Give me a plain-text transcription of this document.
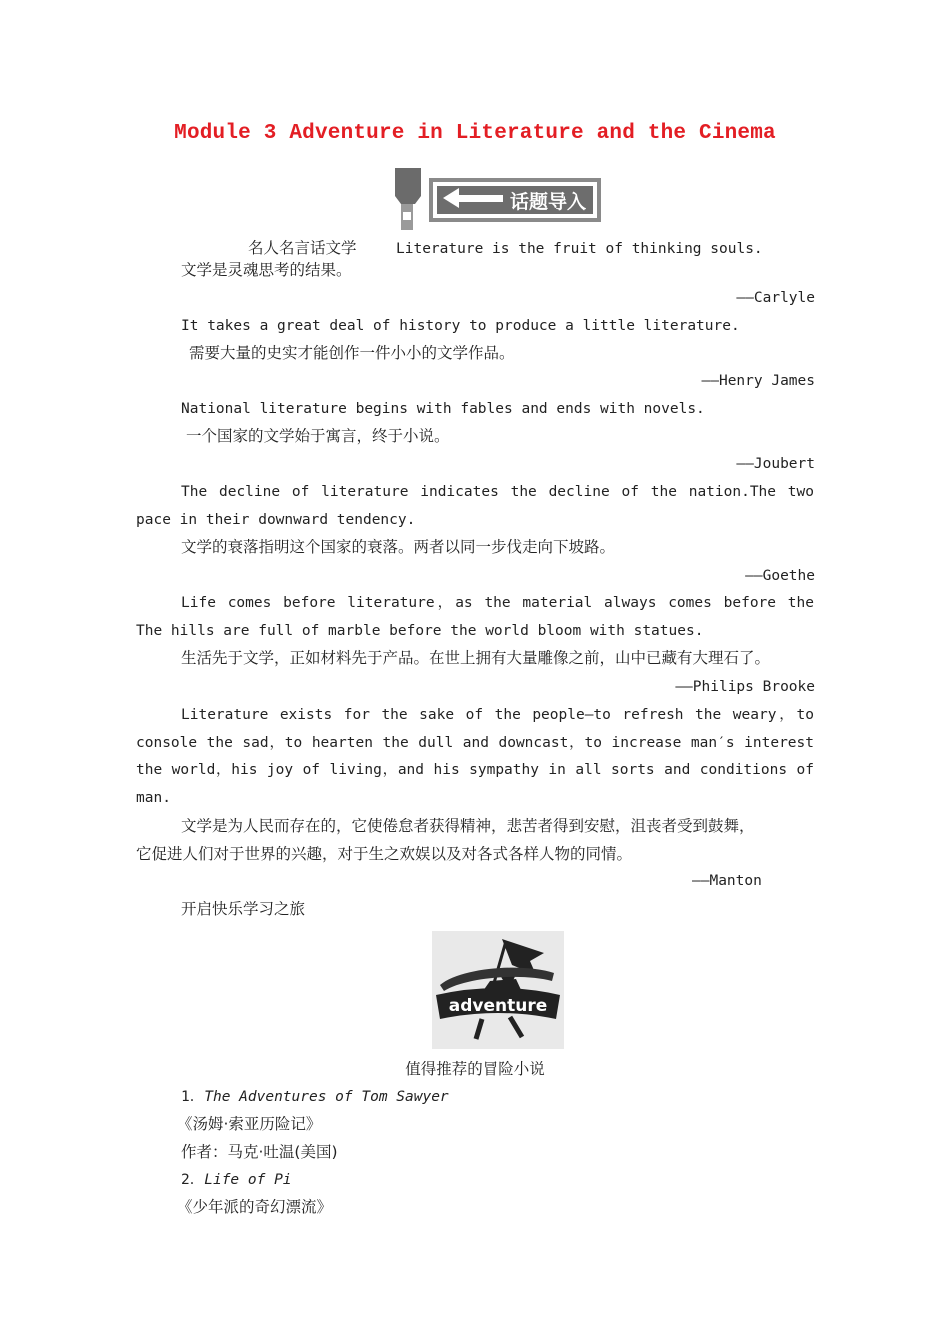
Module 3 Adventure in Literature and the Cinema
话题导入
名人名言话文学	Literature is the fruit of thinking souls.
文学是灵魂思考的结果。
——Carlyle
It takes a great deal of history to produce a little literature.
需要大量的史实才能创作一件小小的文学作品。
——Henry James
National literature begins with fables and ends with novels.
一个国家的文学始于寓言，终于小说。
——Joubert
The decline of literature indicates the decline of the nation.The two
pace in their downward tendency.
文学的衰落指明这个国家的衰落。两者以同一步伐走向下坡路。
——Goethe
Life comes before literature，as the material always comes before the
The hills are full of marble before the world bloom with statues.
生活先于文学，正如材料先于产品。在世上拥有大量雕像之前，山中已藏有大理石了。
——Philips Brooke
Literature exists for the sake of the people—to refresh the weary，to
console the sad，to hearten the dull and downcast，to increase man′s interest
the world，his joy of living，and his sympathy in all sorts and conditions of
man.
文学是为人民而存在的，它使倦怠者获得精神，悲苦者得到安慰，沮丧者受到鼓舞，
它促进人们对于世界的兴趣，对于生之欢娱以及对各式各样人物的同情。
——Manton
开启快乐学习之旅
adventure
值得推荐的冒险小说
1．The Adventures of Tom Sawyer
《汤姆·索亚历险记》
作者：马克·吐温(美国)
2．Life of Pi
《少年派的奇幻漂流》
